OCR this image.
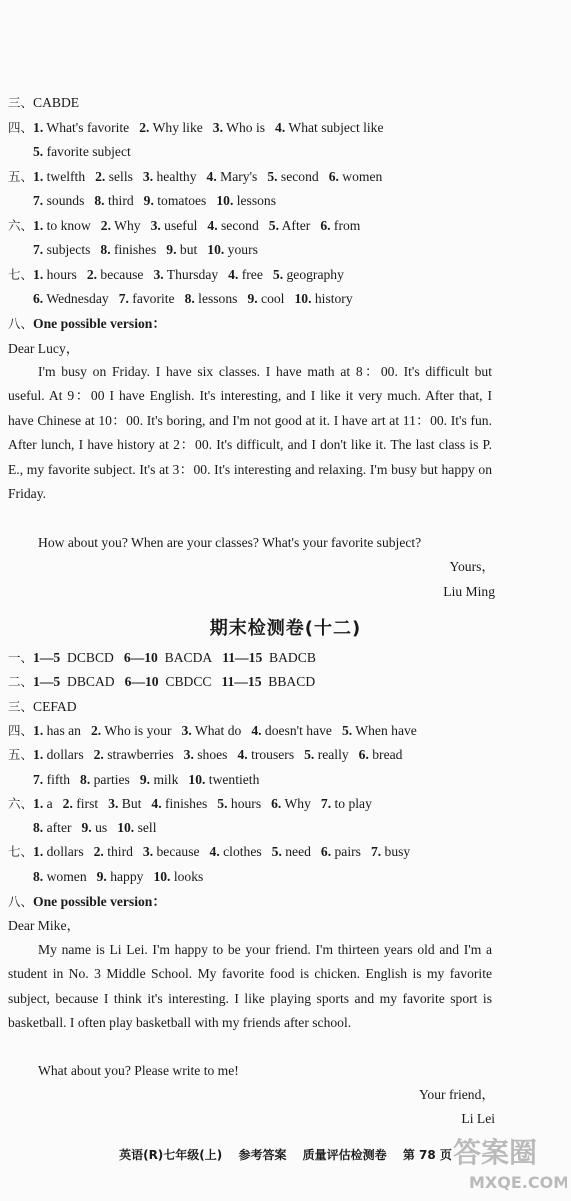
三、CABDE
四、1. What's favorite 2. Why like 3. Who is 4. What subject like
5. favorite subject
五、1. twelfth 2. sells 3. healthy 4. Mary's 5. second 6. women
7. sounds 8. third 9. tomatoes 10. lessons
六、1. to know 2. Why 3. useful 4. second 5. After 6. from
7. subjects 8. finishes 9. but 10. yours
七、1. hours 2. because 3. Thursday 4. free 5. geography
6. Wednesday 7. favorite 8. lessons 9. cool 10. history
八、One possible version：
Dear Lucy，
I'm busy on Friday. I have six classes. I have math at 8：00. It's difficult but useful. At 9：00 I have English. It's interesting, and I like it very much. After that, I have Chinese at 10：00. It's boring, and I'm not good at it. I have art at 11：00. It's fun. After lunch, I have history at 2：00. It's difficult, and I don't like it. The last class is P. E., my favorite subject. It's at 3：00. It's interesting and relaxing. I'm busy but happy on Friday.
How about you? When are your classes? What's your favorite subject?
Yours，
Liu Ming
期末检测卷(十二)
一、1—5  DCBCD 6—10  BACDA 11—15  BADCB
二、1—5  DBCAD 6—10  CBDCC 11—15  BBACD
三、CEFAD
四、1. has an 2. Who is your 3. What do 4. doesn't have 5. When have
五、1. dollars 2. strawberries 3. shoes 4. trousers 5. really 6. bread
7. fifth 8. parties 9. milk 10. twentieth
六、1. a 2. first 3. But 4. finishes 5. hours 6. Why 7. to play
8. after 9. us 10. sell
七、1. dollars 2. third 3. because 4. clothes 5. need 6. pairs 7. busy
8. women 9. happy 10. looks
八、One possible version：
Dear Mike，
My name is Li Lei. I'm happy to be your friend. I'm thirteen years old and I'm a student in No. 3 Middle School. My favorite food is chicken. English is my favorite subject, because I think it's interesting. I like playing sports and my favorite sport is basketball. I often play basketball with my friends after school.
What about you? Please write to me!
Your friend，
Li Lei
英语(R)七年级(上) 参考答案 质量评估检测卷 第 78 页 答案圈
MXQE.COM
